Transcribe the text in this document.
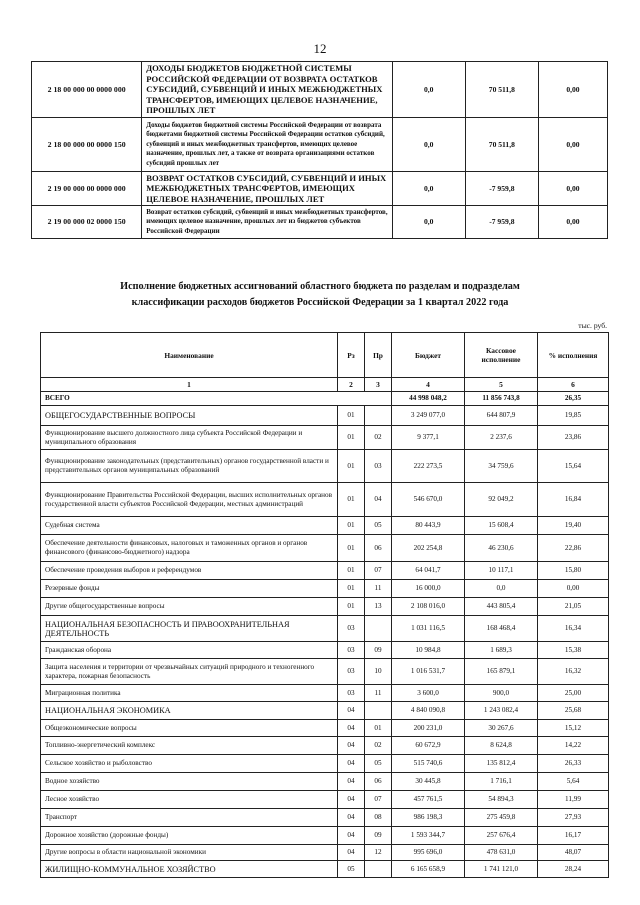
12
2 18 00 000 00 0000 000	ДОХОДЫ БЮДЖЕТОВ БЮДЖЕТНОЙ СИСТЕМЫ РОССИЙСКОЙ ФЕДЕРАЦИИ ОТ ВОЗВРАТА ОСТАТКОВ СУБСИДИЙ, СУБВЕНЦИЙ И ИНЫХ МЕЖБЮДЖЕТНЫХ ТРАНСФЕРТОВ, ИМЕЮЩИХ ЦЕЛЕВОЕ НАЗНАЧЕНИЕ, ПРОШЛЫХ ЛЕТ	0,0	70 511,8	0,00
2 18 00 000 00 0000 150	Доходы бюджетов бюджетной системы Российской Федерации от возврата бюджетами бюджетной системы Российской Федерации остатков субсидий, субвенций и иных межбюджетных трансфертов, имеющих целевое назначение, прошлых лет, а также от возврата организациями остатков субсидий прошлых лет	0,0	70 511,8	0,00
2 19 00 000 00 0000 000	ВОЗВРАТ ОСТАТКОВ СУБСИДИЙ, СУБВЕНЦИЙ И ИНЫХ МЕЖБЮДЖЕТНЫХ ТРАНСФЕРТОВ, ИМЕЮЩИХ ЦЕЛЕВОЕ НАЗНАЧЕНИЕ, ПРОШЛЫХ ЛЕТ	0,0	-7 959,8	0,00
2 19 00 000 02 0000 150	Возврат остатков субсидий, субвенций и иных межбюджетных трансфертов, имеющих целевое назначение, прошлых лет из бюджетов субъектов Российской Федерации	0,0	-7 959,8	0,00
Исполнение бюджетных ассигнований областного бюджета по разделам и подразделам
классификации расходов бюджетов Российской Федерации за 1 квартал 2022 года
тыс. руб.
Наименование	Рз	Пр	Бюджет	Кассовое исполнение	% исполнения
1	2	3	4	5	6
ВСЕГО			44 998 048,2	11 856 743,8	26,35
ОБЩЕГОСУДАРСТВЕННЫЕ ВОПРОСЫ	01		3 249 077,0	644 807,9	19,85
Функционирование высшего должностного лица субъекта Российской Федерации и муниципального образования	01	02	9 377,1	2 237,6	23,86
Функционирование законодательных (представительных) органов государственной власти и представительных органов муниципальных образований	01	03	222 273,5	34 759,6	15,64
Функционирование Правительства Российской Федерации, высших исполнительных органов государственной власти субъектов Российской Федерации, местных администраций	01	04	546 670,0	92 049,2	16,84
Судебная система	01	05	80 443,9	15 608,4	19,40
Обеспечение деятельности финансовых, налоговых и таможенных органов и органов финансового (финансово-бюджетного) надзора	01	06	202 254,8	46 230,6	22,86
Обеспечение проведения выборов и референдумов	01	07	64 041,7	10 117,1	15,80
Резервные фонды	01	11	16 000,0	0,0	0,00
Другие общегосударственные вопросы	01	13	2 108 016,0	443 805,4	21,05
НАЦИОНАЛЬНАЯ БЕЗОПАСНОСТЬ И ПРАВООХРАНИТЕЛЬНАЯ ДЕЯТЕЛЬНОСТЬ	03		1 031 116,5	168 468,4	16,34
Гражданская оборона	03	09	10 984,8	1 689,3	15,38
Защита населения и территории от чрезвычайных ситуаций природного и техногенного характера, пожарная безопасность	03	10	1 016 531,7	165 879,1	16,32
Миграционная политика	03	11	3 600,0	900,0	25,00
НАЦИОНАЛЬНАЯ ЭКОНОМИКА	04		4 840 090,8	1 243 082,4	25,68
Общеэкономические вопросы	04	01	200 231,0	30 267,6	15,12
Топливно-энергетический комплекс	04	02	60 672,9	8 624,8	14,22
Сельское хозяйство и рыболовство	04	05	515 740,6	135 812,4	26,33
Водное хозяйство	04	06	30 445,8	1 716,1	5,64
Лесное хозяйство	04	07	457 761,5	54 894,3	11,99
Транспорт	04	08	986 198,3	275 459,8	27,93
Дорожное хозяйство (дорожные фонды)	04	09	1 593 344,7	257 676,4	16,17
Другие вопросы в области национальной экономики	04	12	995 696,0	478 631,0	48,07
ЖИЛИЩНО-КОММУНАЛЬНОЕ ХОЗЯЙСТВО	05		6 165 658,9	1 741 121,0	28,24
